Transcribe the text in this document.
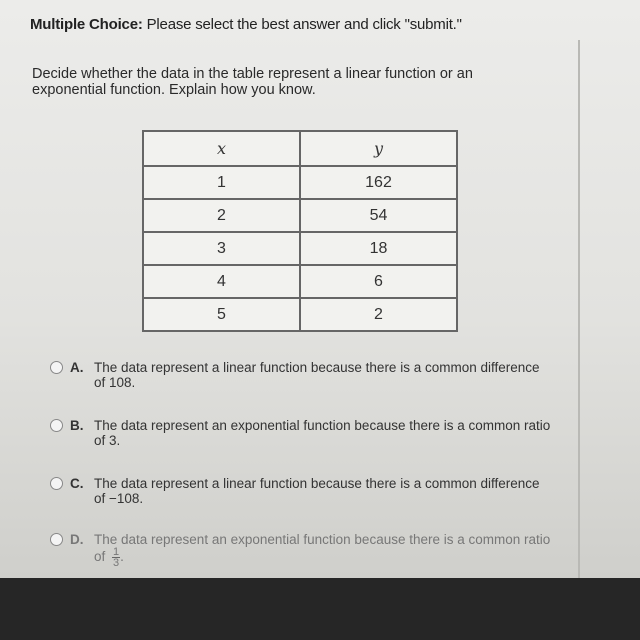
Multiple Choice: Please select the best answer and click "submit."
Decide whether the data in the table represent a linear function or an exponential function. Explain how you know.
x	y
1	162
2	54
3	18
4	6
5	2
A. The data represent a linear function because there is a common difference of 108.
B. The data represent an exponential function because there is a common ratio of 3.
C. The data represent a linear function because there is a common difference of −108.
D. The data represent an exponential function because there is a common ratio of $\frac{1}{3}$ .
